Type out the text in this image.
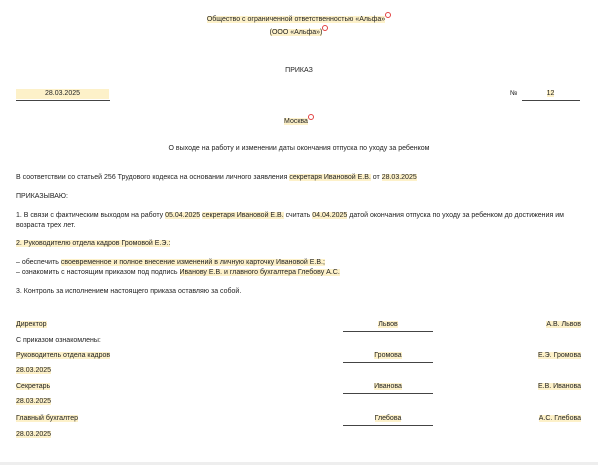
Общество с ограниченной ответственностью «Альфа»
(ООО «Альфа»)
ПРИКАЗ
28.03.2025	№	12
Москва
О выходе на работу и изменении даты окончания отпуска по уходу за ребенком
В соответствии со статьей 256 Трудового кодекса на основании личного заявления секретаря Ивановой Е.В. от 28.03.2025
ПРИКАЗЫВАЮ:
1. В связи с фактическим выходом на работу 05.04.2025 секретаря Ивановой Е.В. считать 04.04.2025 датой окончания отпуска по уходу за ребенком до достижения им возраста трех лет.
2. Руководителю отдела кадров Громовой Е.Э.:
– обеспечить своевременное и полное внесение изменений в личную карточку Ивановой Е.В.;
– ознакомить с настоящим приказом под подпись Иванову Е.В. и главного бухгалтера Глебову А.С.
3. Контроль за исполнением настоящего приказа оставляю за собой.
Директор	Львов	А.В. Львов
С приказом ознакомлены:
Руководитель отдела кадров	Громова	Е.Э. Громова
28.03.2025
Секретарь	Иванова	Е.В. Иванова
28.03.2025
Главный бухгалтер	Глебова	А.С. Глебова
28.03.2025
